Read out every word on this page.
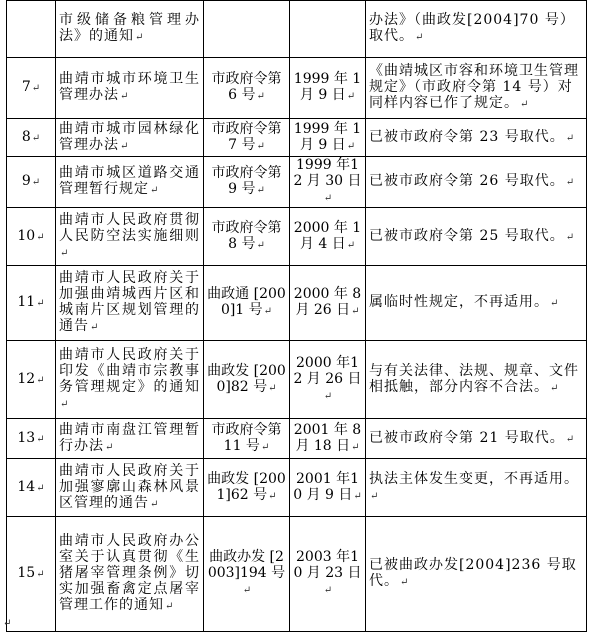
	市级储备粮管理办法》的通知↵			办法》（曲政发[2004]70 号）取代。↵
7↵	曲靖市城市环境卫生管理办法↵	市政府令第 6 号↵	1999 年 1 月 9 日↵	《曲靖城区市容和环境卫生管理规定》（市政府令第 14 号）对同样内容已作了规定。↵
8↵	曲靖市城市园林绿化管理办法↵	市政府令第 7 号↵	1999 年 1 月 9 日↵	已被市政府令第 23 号取代。↵
9↵	曲靖市城区道路交通管理暂行规定↵	市政府令第 9 号↵	1999 年12 月 30 日↵	已被市政府令第 26 号取代。↵
10↵	曲靖市人民政府贯彻人民防空法实施细则↵	市政府令第 8 号↵	2000 年 1 月 4 日↵	已被市政府令第 25 号取代。↵
11↵	曲靖市人民政府关于加强曲靖城西片区和城南片区规划管理的通告↵	曲政通 [2000]1 号↵	2000 年 8 月 26 日↵	属临时性规定，不再适用。↵
12↵	曲靖市人民政府关于印发《曲靖市宗教事务管理规定》的通知↵	曲政发 [2000]82 号↵	2000 年12 月 26 日↵	与有关法律、法规、规章、文件相抵触，部分内容不合法。↵
13↵	曲靖市南盘江管理暂行办法↵	市政府令第 11 号↵	2001 年 8 月 18 日↵	已被市政府令第 21 号取代。↵
14↵	曲靖市人民政府关于加强寥廓山森林风景区管理的通告↵	曲政发 [2001]62 号↵	2001 年10 月 9 日↵	执法主体发生变更，不再适用。↵
15↵	曲靖市人民政府办公室关于认真贯彻《生猪屠宰管理条例》切实加强畜禽定点屠宰管理工作的通知↵	曲政办发 [2003]194 号↵	2003 年10 月 23 日↵	已被曲政办发[2004]236 号取代。↵
↵
